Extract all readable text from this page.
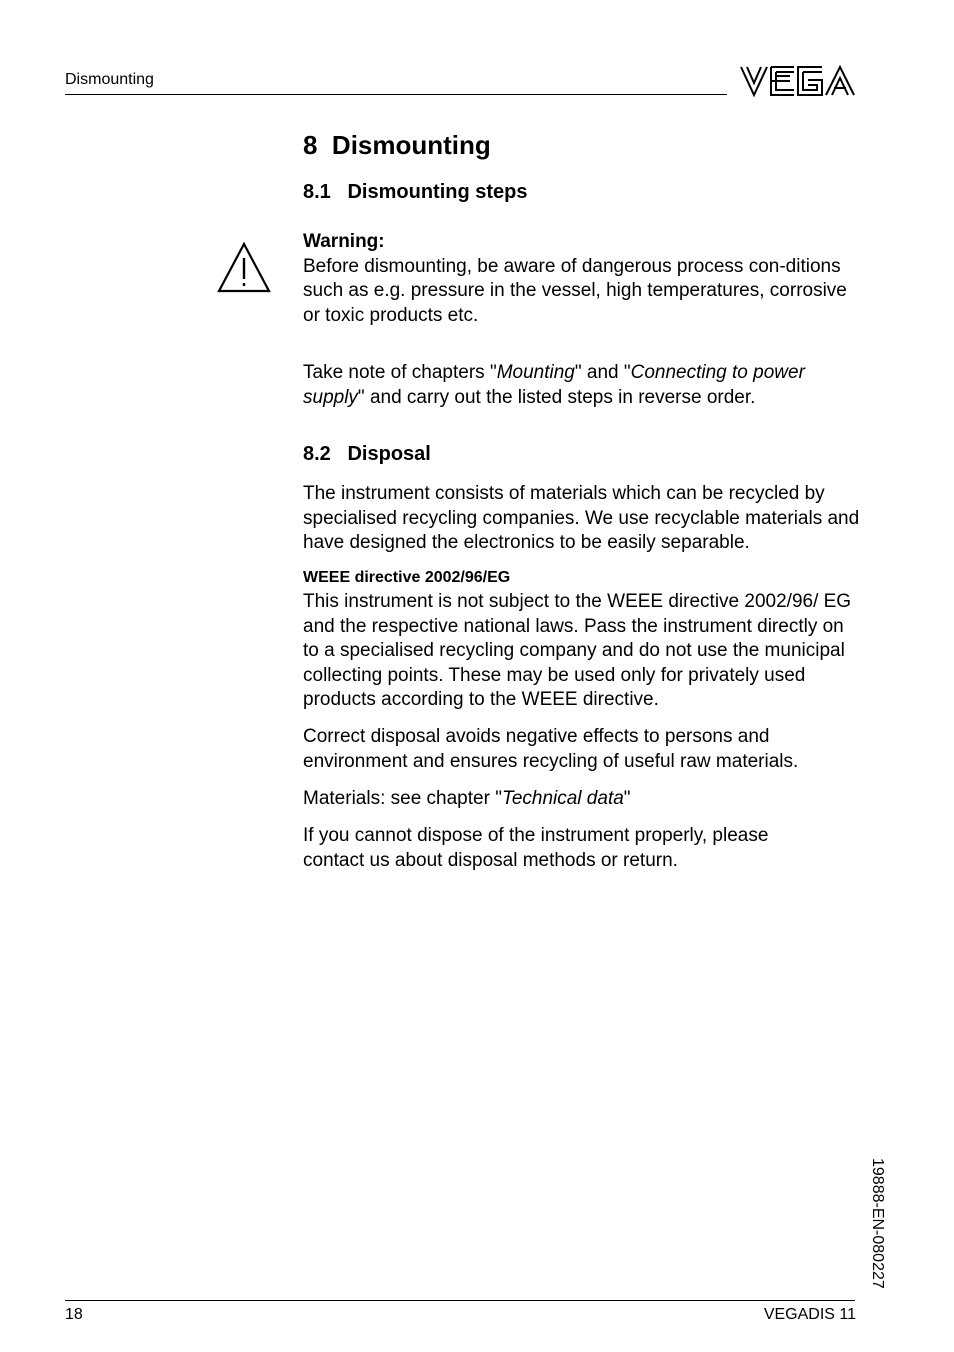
Dismounting
8 Dismounting
8.1 Dismounting steps
Warning:

Before dismounting, be aware of dangerous process con-ditions such as e.g. pressure in the vessel, high temperatures, corrosive or toxic products etc.

Take note of chapters "Mounting" and "Connecting to power supply" and carry out the listed steps in reverse order.

8.2 Disposal

The instrument consists of materials which can be recycled by specialised recycling companies. We use recyclable materials and have designed the electronics to be easily separable.

WEEE directive 2002/96/EG

This instrument is not subject to the WEEE directive 2002/96/ EG and the respective national laws. Pass the instrument directly on to a specialised recycling company and do not use the municipal collecting points. These may be used only for privately used products according to the WEEE directive.

Correct disposal avoids negative effects to persons and environment and ensures recycling of useful raw materials.

Materials: see chapter "Technical data"

If you cannot dispose of the instrument properly, please contact us about disposal methods or return.

19888-EN-080227
18	VEGADIS 11
